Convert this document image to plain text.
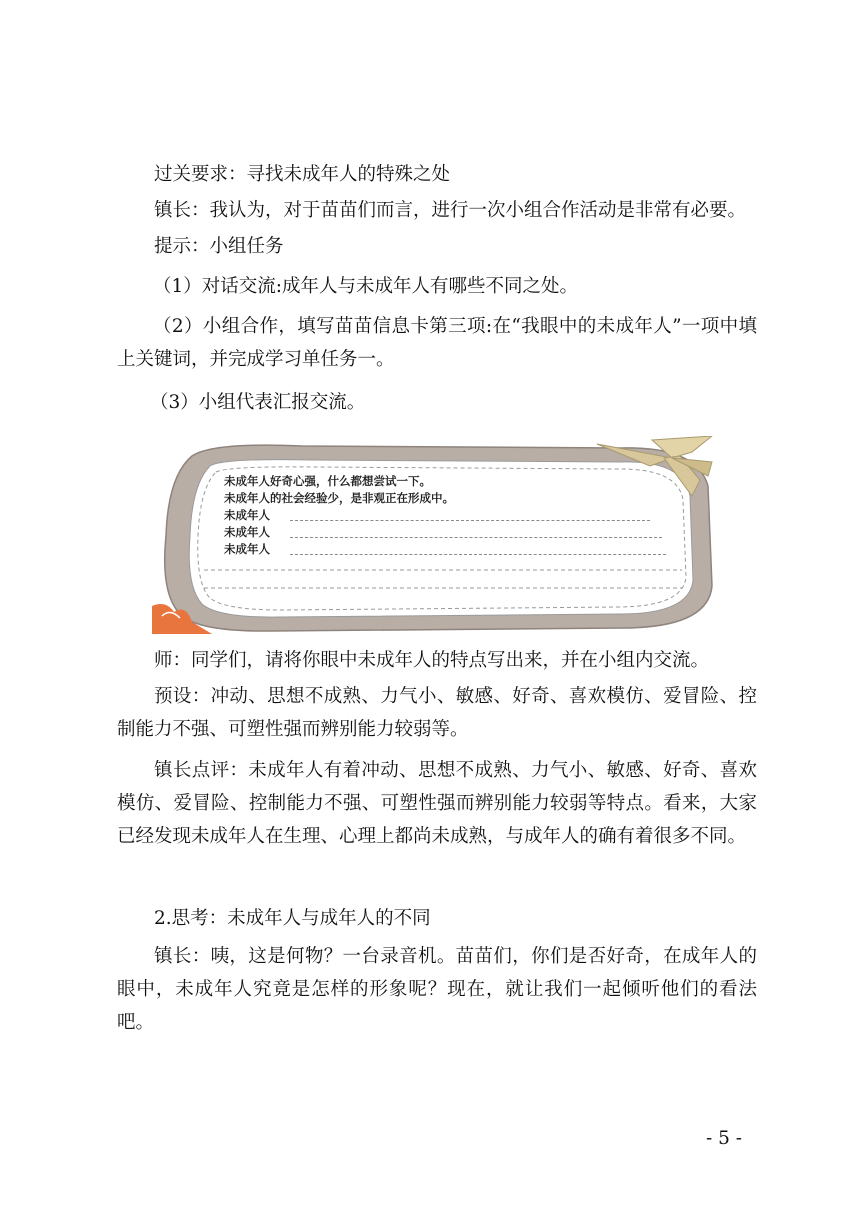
过关要求：寻找未成年人的特殊之处

镇长：我认为，对于苗苗们而言，进行一次小组合作活动是非常有必要。

提示：小组任务

（1）对话交流:成年人与未成年人有哪些不同之处。

（2）小组合作，填写苗苗信息卡第三项:在“我眼中的未成年人”一项中填上关键词，并完成学习单任务一。

（3）小组代表汇报交流。

未成年人好奇心强，什么都想尝试一下。
未成年人的社会经验少，是非观正在形成中。
未成年人
未成年人
未成年人

师：同学们，请将你眼中未成年人的特点写出来，并在小组内交流。

预设：冲动、思想不成熟、力气小、敏感、好奇、喜欢模仿、爱冒险、控制能力不强、可塑性强而辨别能力较弱等。

镇长点评：未成年人有着冲动、思想不成熟、力气小、敏感、好奇、喜欢模仿、爱冒险、控制能力不强、可塑性强而辨别能力较弱等特点。看来，大家已经发现未成年人在生理、心理上都尚未成熟，与成年人的确有着很多不同。

2.思考：未成年人与成年人的不同

镇长：咦，这是何物？一台录音机。苗苗们，你们是否好奇，在成年人的眼中，未成年人究竟是怎样的形象呢？现在，就让我们一起倾听他们的看法吧。

- 5 -
